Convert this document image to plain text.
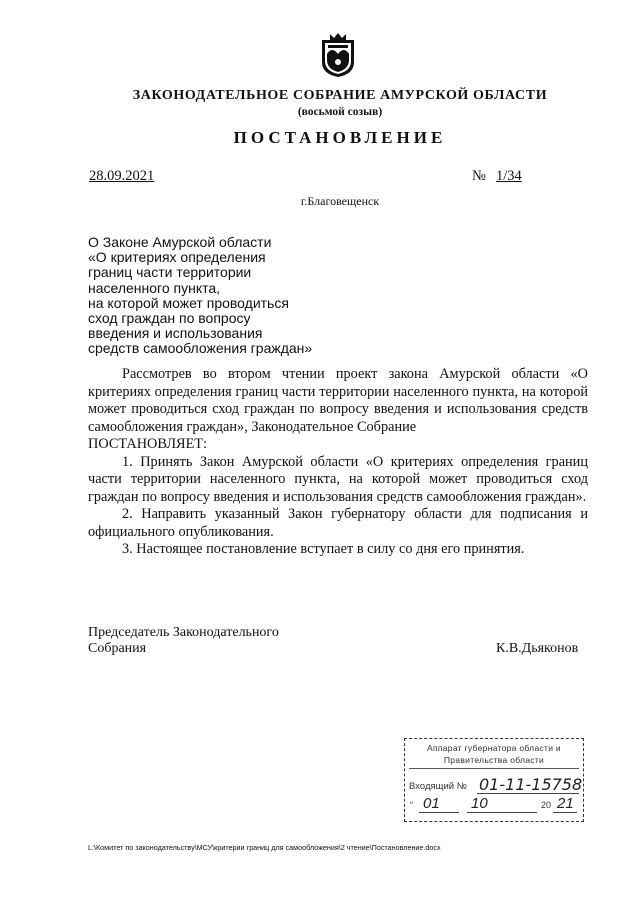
ЗАКОНОДАТЕЛЬНОЕ СОБРАНИЕ АМУРСКОЙ ОБЛАСТИ
(восьмой созыв)
ПОСТАНОВЛЕНИЕ
28.09.2021	№ 1/34
г.Благовещенск
О Законе Амурской области
«О критериях определения
границ части территории
населенного пункта,
на которой может проводиться
сход граждан по вопросу
введения и использования
средств самообложения граждан»

Рассмотрев во втором чтении проект закона Амурской области «О критериях определения границ части территории населенного пункта, на которой может проводиться сход граждан по вопросу введения и использования средств самообложения граждан», Законодательное Собрание

ПОСТАНОВЛЯЕТ:

1. Принять Закон Амурской области «О критериях определения границ части территории населенного пункта, на которой может проводиться сход граждан по вопросу введения и использования средств самообложения граждан».

2. Направить указанный Закон губернатору области для подписания и официального опубликования.

3. Настоящее постановление вступает в силу со дня его принятия.

Председатель Законодательного
Собрания	К.В.Дьяконов
Аппарат губернатора области и
Правительства области
Входящий № 01-11-15758
“ 01 10	20 21
L:\Комитет по законодательству\МСУ\критерии границ для самообложения\2 чтение\Постановление.docx
